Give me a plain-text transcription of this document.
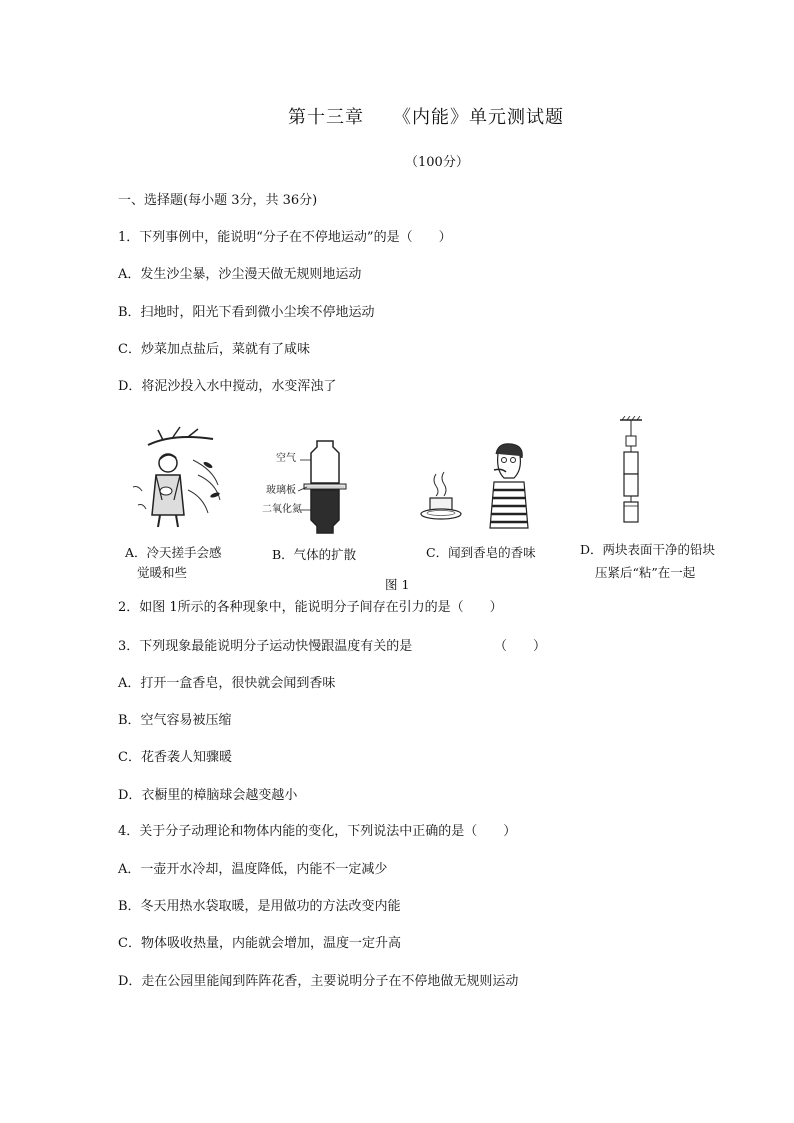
第十三章　　《内能》单元测试题
（100分）
一、选择题(每小题 3分，共 36分)
1．下列事例中，能说明“分子在不停地运动”的是（　　）
A．发生沙尘暴，沙尘漫天做无规则地运动
B．扫地时，阳光下看到微小尘埃不停地运动
C．炒菜加点盐后，菜就有了咸味
D．将泥沙投入水中搅动，水变浑浊了
空气
玻璃板
二氧化氮
A．冷天搓手会感
觉暖和些
B．气体的扩散	C．闻到香皂的香味	D．两块表面干净的铅块
压紧后“粘”在一起
图 1
2．如图 1所示的各种现象中，能说明分子间存在引力的是（　　）
3．下列现象最能说明分子运动快慢跟温度有关的是	（　　）
A．打开一盒香皂，很快就会闻到香味
B．空气容易被压缩
C．花香袭人知骤暖
D．衣橱里的樟脑球会越变越小
4．关于分子动理论和物体内能的变化，下列说法中正确的是（　　）
A．一壶开水冷却，温度降低，内能不一定减少
B．冬天用热水袋取暖，是用做功的方法改变内能
C．物体吸收热量，内能就会增加，温度一定升高
D．走在公园里能闻到阵阵花香，主要说明分子在不停地做无规则运动
